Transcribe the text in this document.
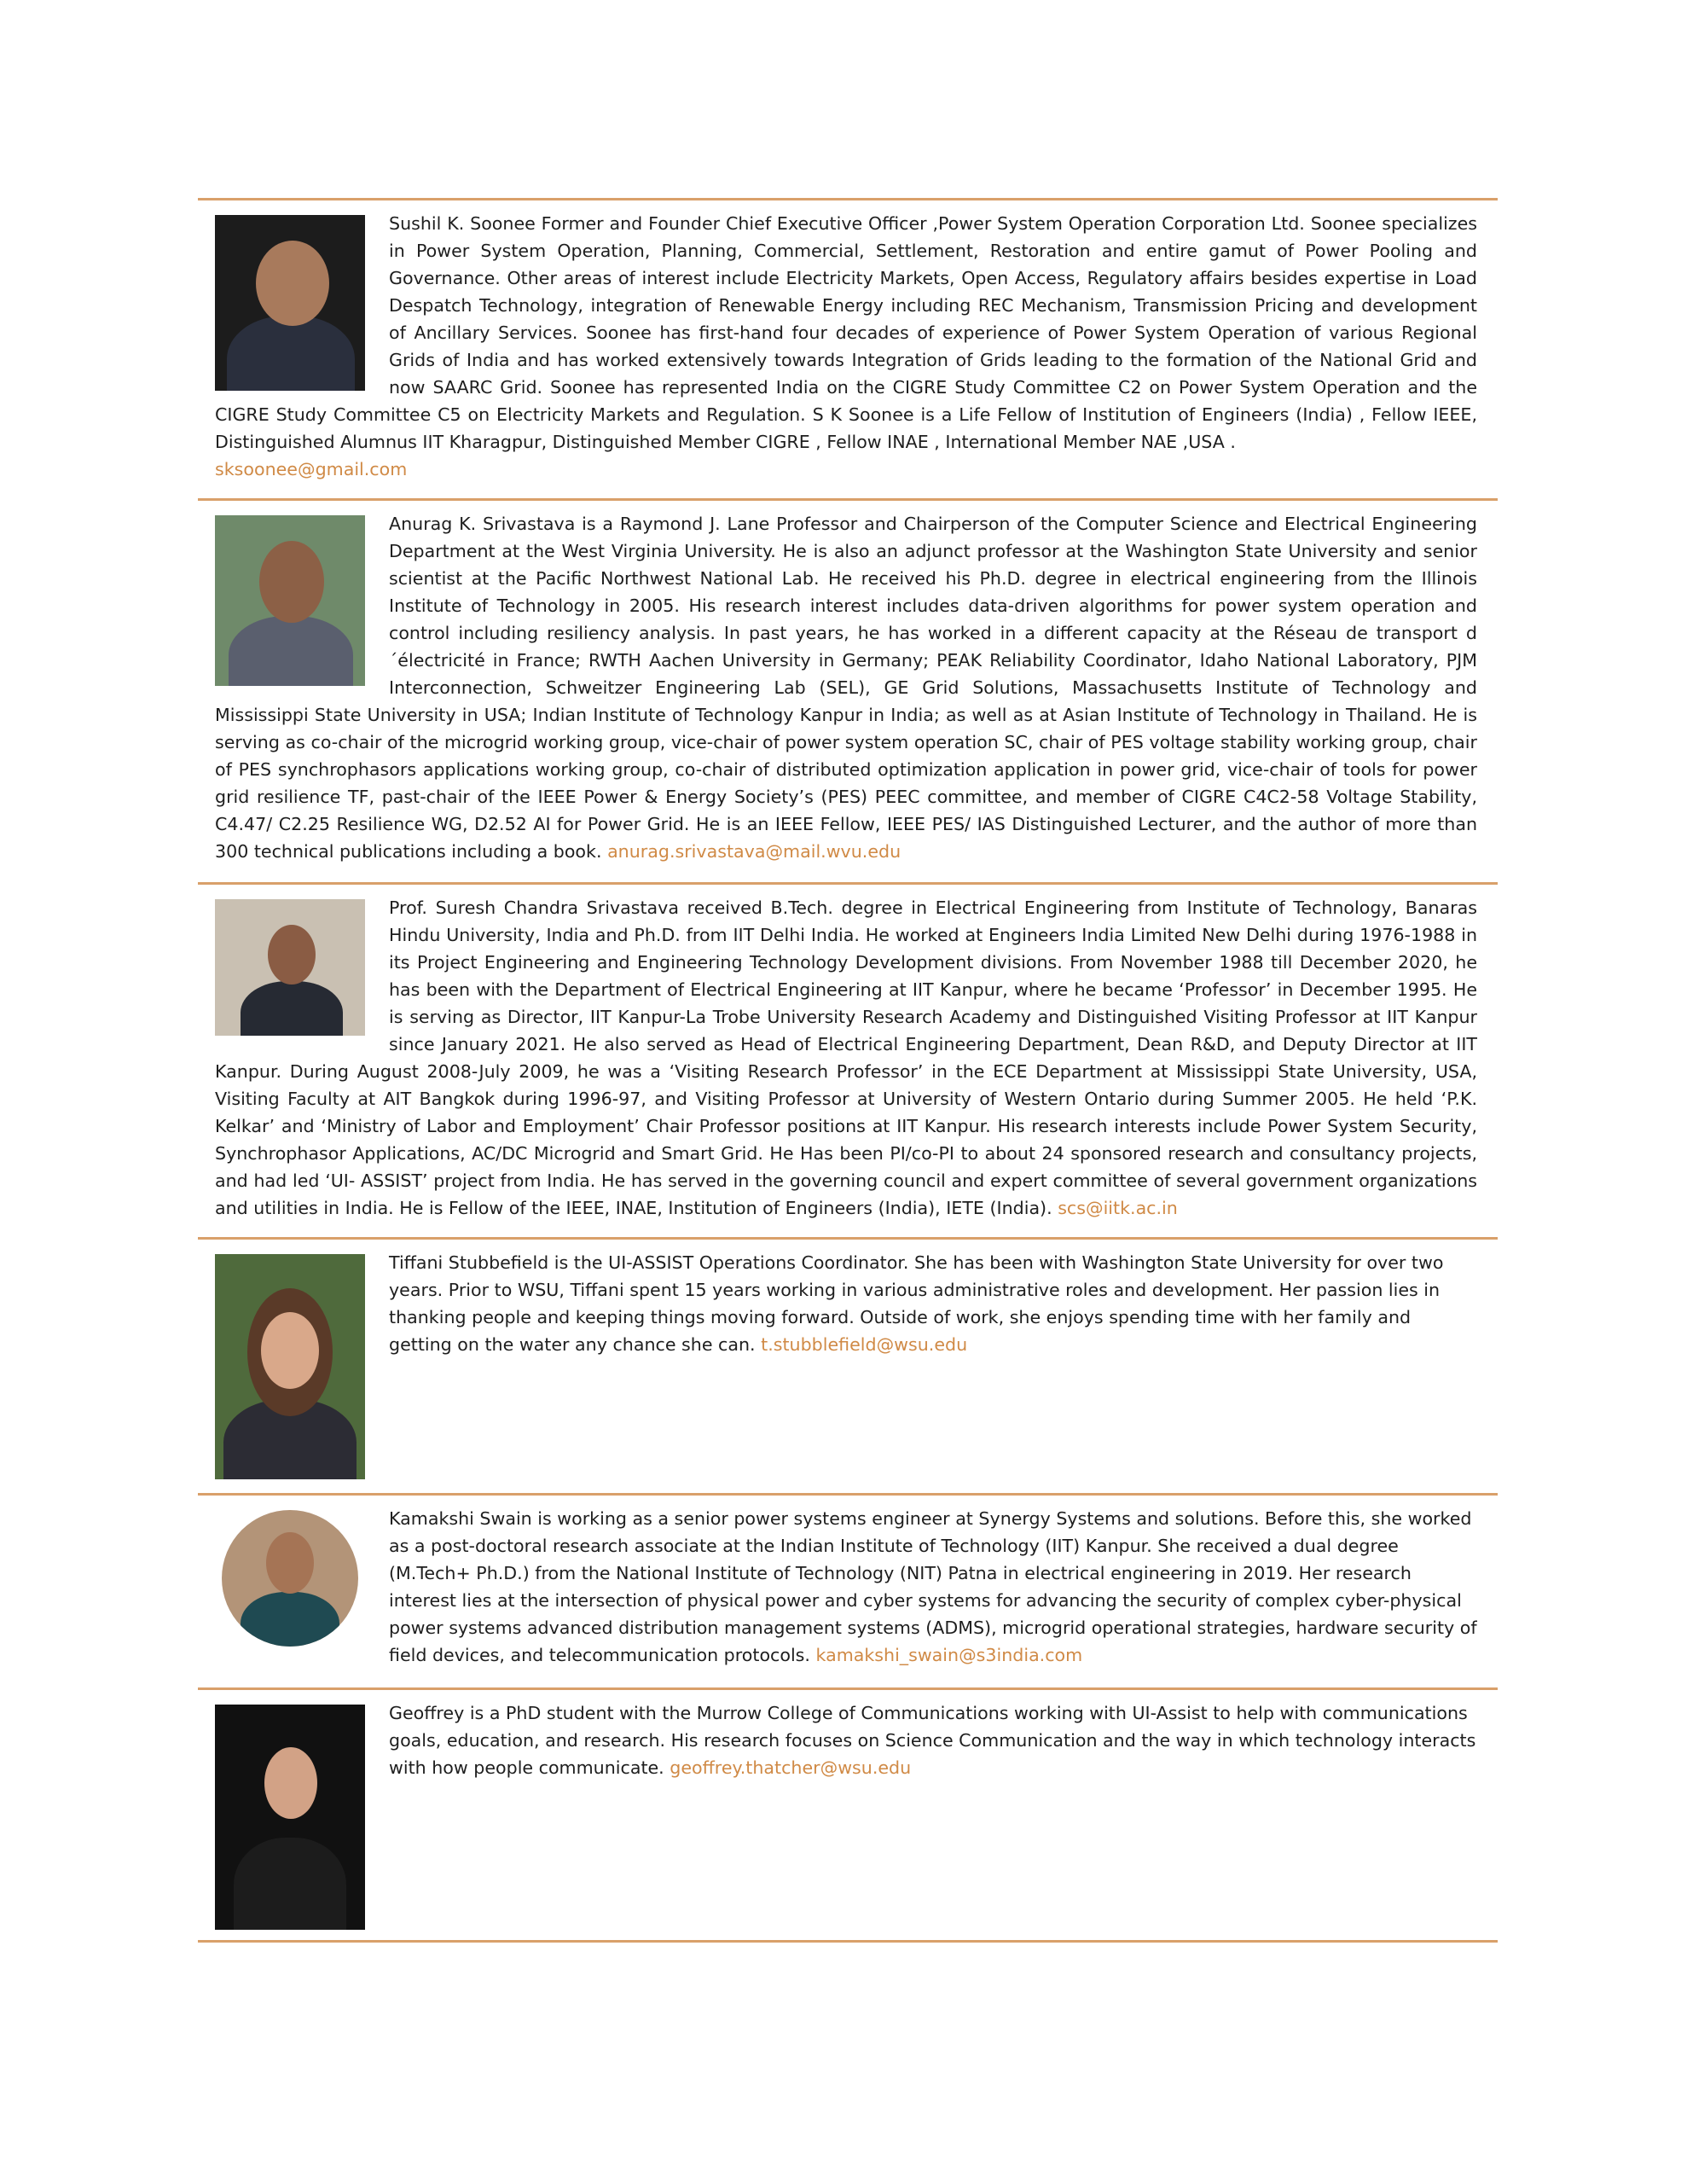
Sushil K. Soonee Former and Founder Chief Executive Officer ,Power System Operation Corporation Ltd. Soonee specializes in Power System Operation, Planning, Commercial, Settlement, Restoration and entire gamut of Power Pooling and Governance. Other areas of interest include Electricity Markets, Open Access, Regulatory affairs besides expertise in Load Despatch Technology, integration of Renewable Energy including REC Mechanism, Transmission Pricing and development of Ancillary Services. Soonee has first-hand four decades of experience of Power System Operation of various Regional Grids of India and has worked extensively towards Integration of Grids leading to the formation of the National Grid and now SAARC Grid. Soonee has represented India on the CIGRE Study Committee C2 on Power System Operation and the CIGRE Study Committee C5 on Electricity Markets and Regulation. S K Soonee is a Life Fellow of Institution of Engineers (India) , Fellow IEEE, Distinguished Alumnus IIT Kharagpur, Distinguished Member CIGRE , Fellow INAE , International Member NAE ,USA .
sksoonee@gmail.com

Anurag K. Srivastava is a Raymond J. Lane Professor and Chairperson of the Computer Science and Electrical Engineering Department at the West Virginia University. He is also an adjunct professor at the Washington State University and senior scientist at the Pacific Northwest National Lab. He received his Ph.D. degree in electrical engineering from the Illinois Institute of Technology in 2005. His research interest includes data-driven algorithms for power system operation and control including resiliency analysis. In past years, he has worked in a different capacity at the Réseau de transport d´électricité in France; RWTH Aachen University in Germany; PEAK Reliability Coordinator, Idaho National Laboratory, PJM Interconnection, Schweitzer Engineering Lab (SEL), GE Grid Solutions, Massachusetts Institute of Technology and Mississippi State University in USA; Indian Institute of Technology Kanpur in India; as well as at Asian Institute of Technology in Thailand. He is serving as co-chair of the microgrid working group, vice-chair of power system operation SC, chair of PES voltage stability working group, chair of PES synchrophasors applications working group, co-chair of distributed optimization application in power grid, vice-chair of tools for power grid resilience TF, past-chair of the IEEE Power & Energy Society’s (PES) PEEC committee, and member of CIGRE C4C2-58 Voltage Stability, C4.47/ C2.25 Resilience WG, D2.52 AI for Power Grid. He is an IEEE Fellow, IEEE PES/ IAS Distinguished Lecturer, and the author of more than 300 technical publications including a book. anurag.srivastava@mail.wvu.edu

Prof. Suresh Chandra Srivastava received B.Tech. degree in Electrical Engineering from Institute of Technology, Banaras Hindu University, India and Ph.D. from IIT Delhi India. He worked at Engineers India Limited New Delhi during 1976-1988 in its Project Engineering and Engineering Technology Development divisions. From November 1988 till December 2020, he has been with the Department of Electrical Engineering at IIT Kanpur, where he became ‘Professor’ in December 1995. He is serving as Director, IIT Kanpur-La Trobe University Research Academy and Distinguished Visiting Professor at IIT Kanpur since January 2021. He also served as Head of Electrical Engineering Department, Dean R&D, and Deputy Director at IIT Kanpur. During August 2008-July 2009, he was a ‘Visiting Research Professor’ in the ECE Department at Mississippi State University, USA, Visiting Faculty at AIT Bangkok during 1996-97, and Visiting Professor at University of Western Ontario during Summer 2005. He held ‘P.K. Kelkar’ and ‘Ministry of Labor and Employment’ Chair Professor positions at IIT Kanpur. His research interests include Power System Security, Synchrophasor Applications, AC/DC Microgrid and Smart Grid. He Has been PI/co-PI to about 24 sponsored research and consultancy projects, and had led ‘UI- ASSIST’ project from India. He has served in the governing council and expert committee of several government organizations and utilities in India. He is Fellow of the IEEE, INAE, Institution of Engineers (India), IETE (India). scs@iitk.ac.in

Tiffani Stubbefield is the UI-ASSIST Operations Coordinator. She has been with Washington State University for over two years. Prior to WSU, Tiffani spent 15 years working in various administrative roles and development. Her passion lies in thanking people and keeping things moving forward. Outside of work, she enjoys spending time with her family and getting on the water any chance she can. t.stubblefield@wsu.edu

Kamakshi Swain is working as a senior power systems engineer at Synergy Systems and solutions. Before this, she worked as a post-doctoral research associate at the Indian Institute of Technology (IIT) Kanpur. She received a dual degree (M.Tech+ Ph.D.) from the National Institute of Technology (NIT) Patna in electrical engineering in 2019. Her research interest lies at the intersection of physical power and cyber systems for advancing the security of complex cyber-physical power systems advanced distribution management systems (ADMS), microgrid operational strategies, hardware security of field devices, and telecommunication protocols. kamakshi_swain@s3india.com

Geoffrey is a PhD student with the Murrow College of Communications working with UI-Assist to help with communications goals, education, and research. His research focuses on Science Communication and the way in which technology interacts with how people communicate. geoffrey.thatcher@wsu.edu
